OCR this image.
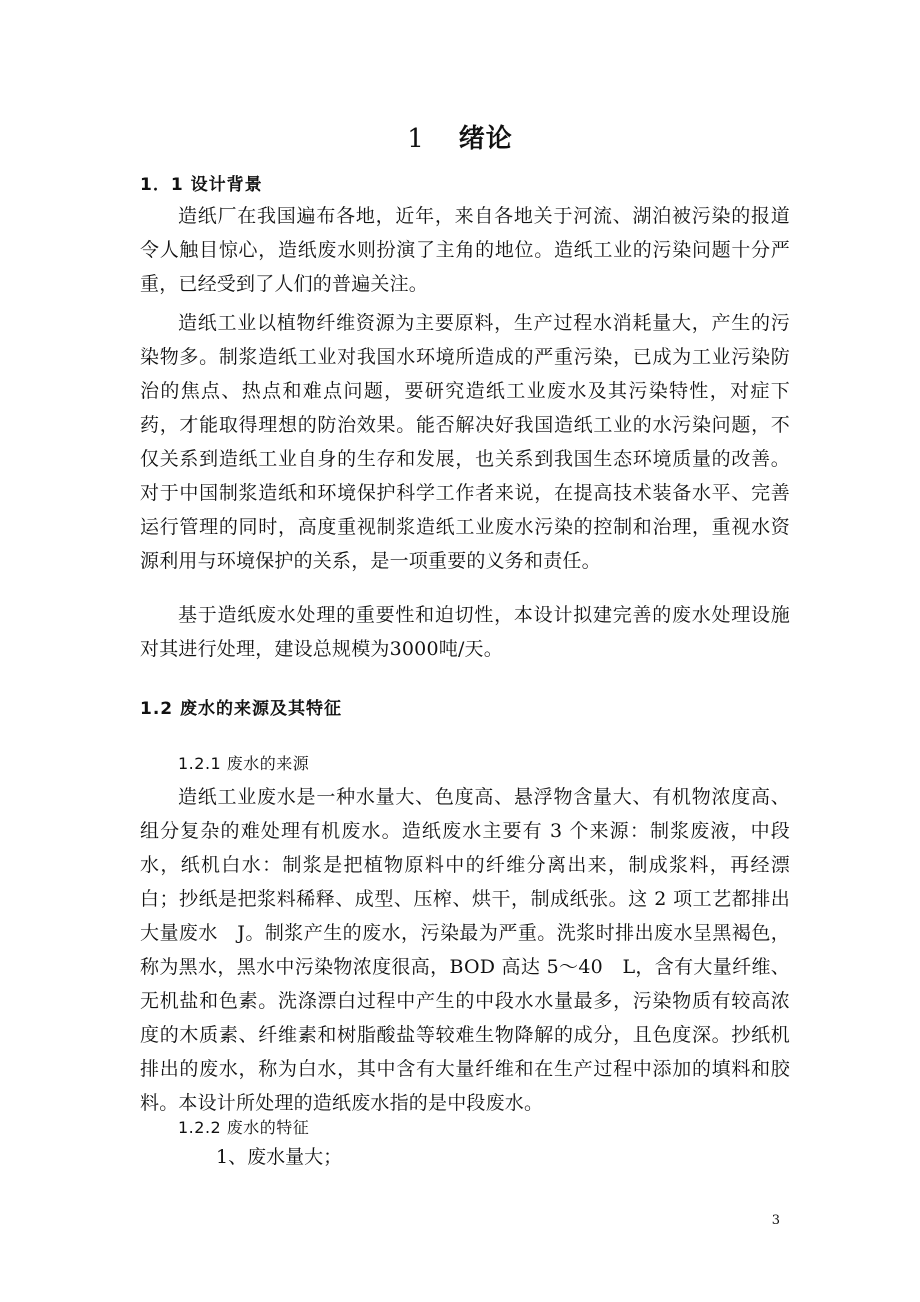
1 绪论
1．1 设计背景
造纸厂在我国遍布各地，近年，来自各地关于河流、湖泊被污染的报道令人触目惊心，造纸废水则扮演了主角的地位。造纸工业的污染问题十分严重，已经受到了人们的普遍关注。
造纸工业以植物纤维资源为主要原料，生产过程水消耗量大，产生的污染物多。制浆造纸工业对我国水环境所造成的严重污染，已成为工业污染防治的焦点、热点和难点问题，要研究造纸工业废水及其污染特性，对症下药，才能取得理想的防治效果。能否解决好我国造纸工业的水污染问题，不仅关系到造纸工业自身的生存和发展，也关系到我国生态环境质量的改善。对于中国制浆造纸和环境保护科学工作者来说，在提高技术装备水平、完善运行管理的同时，高度重视制浆造纸工业废水污染的控制和治理，重视水资源利用与环境保护的关系，是一项重要的义务和责任。
基于造纸废水处理的重要性和迫切性，本设计拟建完善的废水处理设施对其进行处理，建设总规模为3000吨/天。
1.2 废水的来源及其特征
1.2.1 废水的来源
造纸工业废水是一种水量大、色度高、悬浮物含量大、有机物浓度高、组分复杂的难处理有机废水。造纸废水主要有 3 个来源：制浆废液，中段水，纸机白水：制浆是把植物原料中的纤维分离出来，制成浆料，再经漂白；抄纸是把浆料稀释、成型、压榨、烘干，制成纸张。这 2 项工艺都排出大量废水　J。制浆产生的废水，污染最为严重。洗浆时排出废水呈黑褐色，称为黑水，黑水中污染物浓度很高，BOD 高达 5～40　L，含有大量纤维、无机盐和色素。洗涤漂白过程中产生的中段水水量最多，污染物质有较高浓度的木质素、纤维素和树脂酸盐等较难生物降解的成分，且色度深。抄纸机排出的废水，称为白水，其中含有大量纤维和在生产过程中添加的填料和胶料。本设计所处理的造纸废水指的是中段废水。
1.2.2 废水的特征
1、废水量大；
3
